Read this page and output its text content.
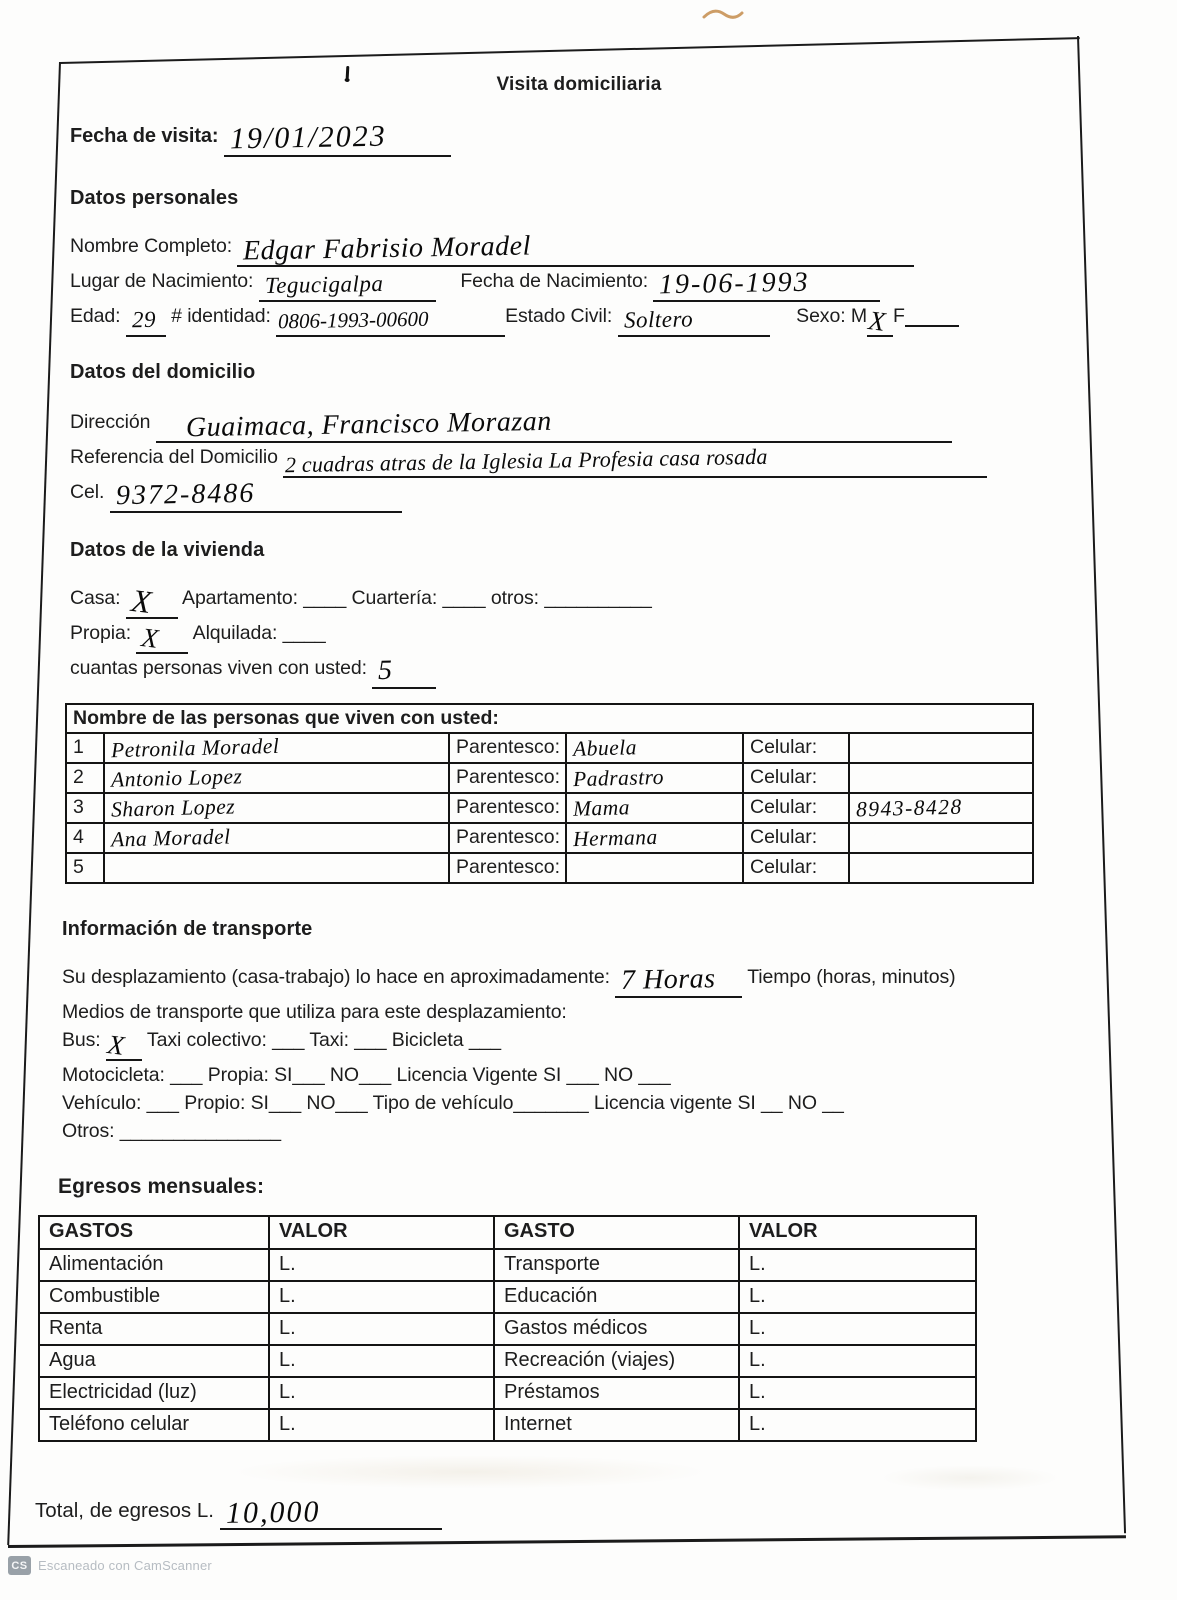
Visita domiciliaria
Fecha de visita: 19/01/2023
Datos personales
Nombre Completo: Edgar Fabrisio Moradel
Lugar de Nacimiento: Tegucigalpa	Fecha de Nacimiento: 19-06-1993
Edad: 29 # identidad: 0806-1993-00600	Estado Civil: Soltero	Sexo: MX F
Datos del domicilio
Dirección Guaimaca, Francisco Morazan
Referencia del Domicilio 2 cuadras atras de la Iglesia La Profesia casa rosada
Cel. 9372-8486
Datos de la vivienda
Casa: X Apartamento: ____ Cuartería: ____ otros: __________
Propia: X Alquilada: ____
cuantas personas viven con usted: 5
Nombre de las personas que viven con usted:
1	Petronila Moradel	Parentesco: Abuela	Celular:
2	Antonio Lopez	Parentesco: Padrastro	Celular:
3	Sharon Lopez	Parentesco: Mama	Celular:	8943-8428
4	Ana Moradel	Parentesco: Hermana	Celular:
5	Parentesco:	Celular:
Información de transporte
Su desplazamiento (casa-trabajo) lo hace en aproximadamente: 7 Horas Tiempo (horas, minutos)
Medios de transporte que utiliza para este desplazamiento:
Bus: X Taxi colectivo: ___ Taxi: ___ Bicicleta ___
Motocicleta: ___ Propia: SI___ NO___ Licencia Vigente SI ___ NO ___
Vehículo: ___ Propio: SI___ NO___ Tipo de vehículo_______ Licencia vigente SI __ NO __
Otros: _______________
Egresos mensuales:
GASTOS	VALOR	GASTO	VALOR
Alimentación	L.	Transporte	L.
Combustible	L.	Educación	L.
Renta	L.	Gastos médicos	L.
Agua	L.	Recreación (viajes)	L.
Electricidad (luz)	L.	Préstamos	L.
Teléfono celular	L.	Internet	L.
Total, de egresos L. 10,000
CS Escaneado con CamScanner
